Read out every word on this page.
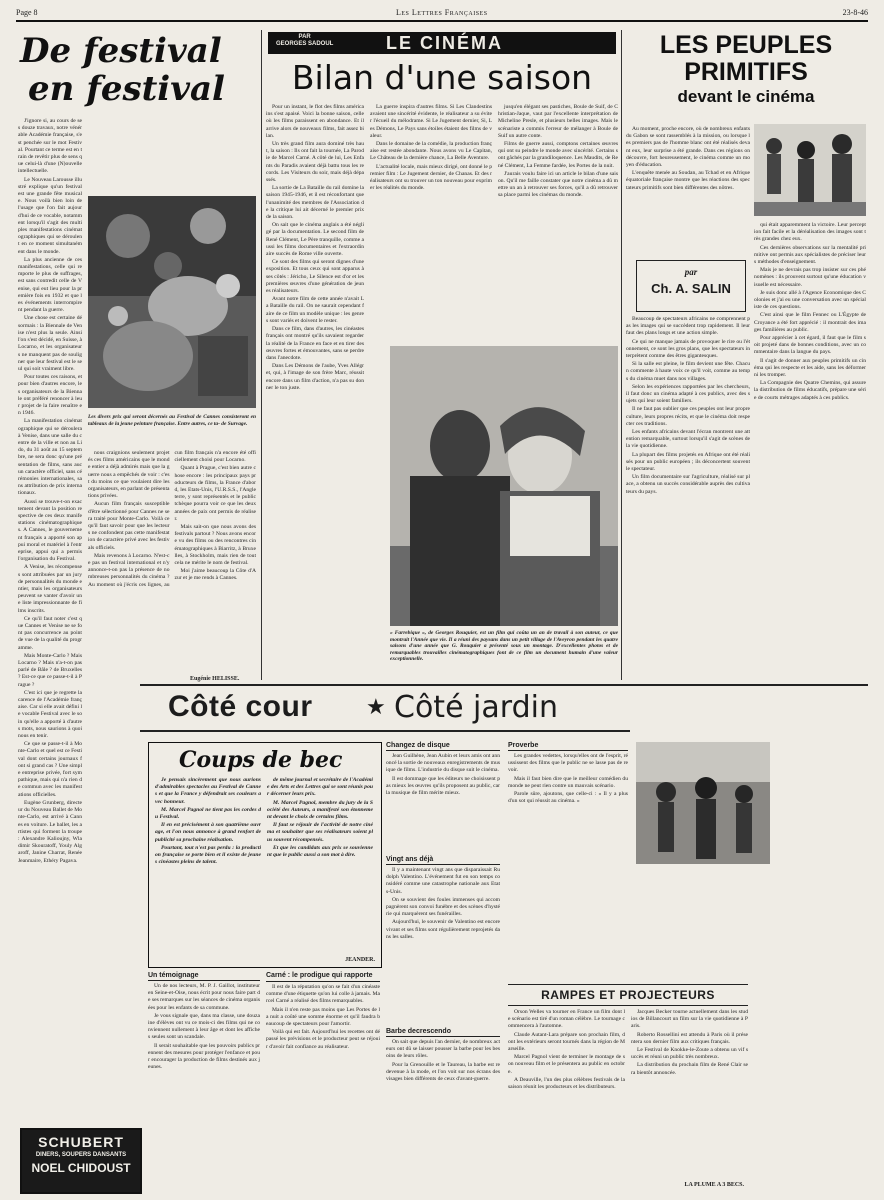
Page 8	Les Lettres Françaises	23-8-46
De festival
en festival

J'ignore si, au cours de ses douze travaux, notre vénérable Académie française, s'est penchée sur le mot Festival. Pourtant ce terme est en train de revêtir plus de sens que celui-là d'une (N)ouvelle intellectuelle.

Le Nouveau Larousse illustré explique qu'un festival est une grande fête musicale. Nous voilà bien loin de l'usage que l'on fait aujourd'hui de ce vocable, notamment lorsqu'il s'agit des multiples manifestations cinématographiques qui se déroulent en ce moment simultanément dans le monde.

La plus ancienne de ces manifestations, celle qui remporte le plus de suffrages, est sans contredit celle de Venise, qui eut lieu pour la première fois en 1932 et que les événements interrompirent pendant la guerre.

Une chose est certaine désormais : la Biennale de Venise n'est plus la seule. Ainsi l'on s'est décidé, en Suisse, à Locarno, et les organisateurs ne manquent pas de souligner que leur festival est le seul qui soit vraiment libre.

Pour toutes ces raisons, et pour bien d'autres encore, les organisateurs de la Biennale ont préféré renoncer à leur projet de la faire renaître en 1946.

La manifestation cinématographique qui se déroulera à Venise, dans une salle du centre de la ville et non au Lido, du 31 août au 15 septembre, ne sera donc qu'une présentation de films, sans aucun caractère officiel, sans cérémonies internationales, sans attribution de prix internationaux.

Aussi se trouve-t-on exactement devant la position respective de ces deux manifestations cinématographiques. A Cannes, le gouvernement français a apporté son appui moral et matériel à l'entreprise, appui qui a permis l'organisation du Festival.

A Venise, les récompenses sont attribuées par un jury de personnalités du monde entier, mais les organisateurs peuvent se vanter d'avoir une liste impressionnante de films inscrits.

Ce qu'il faut noter c'est que Cannes et Venise ne se font pas concurrence au point de vue de la qualité du programme.

Mais Monte-Carlo ? Mais Locarno ? Mais n'a-t-on pas parlé de Bâle ? de Bruxelles ? Est-ce que ce passe-t-il à Prague ?

C'est ici que je regrette la carence de l'Académie française. Car si elle avait défini le vocable Festival avec le soin qu'elle a apporté à d'autres mots, nous saurions à quoi nous en tenir.

Ce que se passe-t-il à Monte-Carlo et quel est ce Festival dont certains journaux font si grand cas ? Une simple entreprise privée, fort sympathique, mais qui n'a rien de commun avec les manifestations officielles.

Eugène Grunberg, directeur du Nouveau Ballet de Monte-Carlo, est arrivé à Cannes en voiture. Le ballet, les artistes qui forment la troupe : Alexandre Kalioujny, Wladimir Skouratoff, Youly Algaroff, Janine Charrat, Renée Jeanmaire, Ethéry Pagava.

Les divers prix qui seront décernés au Festival de Cannes consisteront en tableaux de la jeune peinture française. Entre autres, ce ta- de Survage.

nous craignions seulement projetés ces films américains que le monde entier a déjà admirés mais que la guerre nous a empêchés de voir : c'est du moins ce que voulaient dire les organisateurs, en parlant de présentations privées.

Aucun film français susceptible d'être sélectionné pour Cannes ne sera traité pour Monte-Carlo. Voilà ce qu'il faut savoir pour que les lecteurs ne confondent pas cette manifestation de caractère privé avec les festivals officiels.

Mais revenons à Locarno. N'est-ce pas un festival international et n'y annonce-t-on pas la présence de nombreuses personnalités du cinéma ? Au moment où j'écris ces lignes, aucun film français n'a encore été officiellement choisi pour Locarno.

Quant à Prague, c'est bien autre chose encore : les principaux pays producteurs de films, la France d'abord, les Etats-Unis, l'U.R.S.S., l'Angleterre, y sont représentés et le public tchèque pourra voir ce que les deux années de paix ont permis de réaliser.

Mais sait-on que nous avons des festivals partout ? Nous avons encore vu des films ou des rencontres cinématographiques à Biarritz, à Bruxelles, à Stockholm, mais rien de tout cela ne mérite le nom de festival.

Moi j'aime beaucoup la Côte d'Azur et je me rends à Cannes.

Eugénie HELISSE.
SCHUBERT
DINERS, SOUPERS DANSANTS
NOEL CHIDOUST
PAR
GEORGES SADOUL	LE CINÉMA
Bilan d'une saison

Pour un instant, le flot des films américains s'est apaisé. Voici la bonne saison, celle où les films paraissent en abondance. Et il arrive alors de nouveaux films, fait assez bilan.

Un très grand film aura dominé très haut, la saison : Ils ont fait la tournée, La Parodie de Marcel Carné. A côté de lui, Les Enfants du Paradis avaient déjà battu tous les records. Les Visiteurs du soir, mais déjà dépassés.

La sortie de La Bataille du rail domine la saison 1945-1946, et il est réconfortant que l'unanimité des membres de l'Association de la critique lui ait décerné le premier prix de la saison.

On sait que le cinéma anglais a été négligé par la documentation. Le second film de René Clément, Le Père tranquille, comme aussi les films documentaires et l'extraordinaire succès de Rome ville ouverte.

Ce sont des films qui seront dignes d'une exposition. Et tous ceux qui sont apparus à ses côtés : Jéricho, Le Silence est d'or et les premières œuvres d'une génération de jeunes réalisateurs.

Avant notre film de cette année n'avait La Bataille du rail. On ne saurait cependant faire de ce film un modèle unique : les genres sont variés et doivent le rester.

Dans ce film, dans d'autres, les cinéastes français ont montré qu'ils savaient regarder la réalité de la France en face et en tirer des œuvres fortes et émouvantes, sans se perdre dans l'anecdote.

Dans Les Démons de l'aube, Yves Allégret, qui, à l'image de son frère Marc, réussit encore dans un film d'action, n'a pas su donner le ton juste.

La guerre inspira d'autres films. Si Les Clandestins avaient une sincérité évidente, le réalisateur a su éviter l'écueil du mélodrame. Si Le Jugement dernier, Si, Les Démons, Le Pays sans étoiles étaient des films de valeur.

Dans le domaine de la comédie, la production française est restée abondante. Nous avons vu Le Capitan, Le Château de la dernière chance, La Belle Aventure.

L'actualité locale, mais mieux dirigé, ont donné le premier film : Le Jugement dernier, de Chanas. Et des réalisateurs ont su trouver un ton nouveau pour exprimer les réalités du monde.

jusqu'en élégant ses pastiches, Boule de Suif, de Christian-Jaque, vaut par l'excellente interprétation de Micheline Presle, et plusieurs belles images. Mais le scénariste a commis l'erreur de mélanger à Boule de Suif un autre conte.

Films de guerre aussi, comptons certaines œuvres qui ont su peindre le monde avec sincérité. Certains sont gâchés par la grandiloquence. Les Maudits, de René Clément, La Femme fardée, les Portes de la nuit.

J'aurais voulu faire ici un article le bilan d'une saison. Qu'il me faille constater que notre cinéma a dû mettre un an à retrouver ses forces, qu'il a dû retrouver sa place parmi les cinémas du monde.

« Farrebique », de Georges Rouquier, est un film qui coûta un an de travail à son auteur, ce que montrait l'Année que vie. Il a réuni des paysans dans un petit village de l'Aveyron pendant les quatre saisons d'une année que G. Rouquier a présenté sous un montage. D'excellentes photos et de remarquables trouvailles cinématographiques font de ce film un document humain d'une valeur exceptionnelle.
LES PEUPLES
PRIMITIFS
devant le cinéma

Au moment, proche encore, où de nombreux enfants du Gabon se sont rassemblés à la mission, ou lorsque les premiers pas de l'homme blanc ont été réalisés devant eux, leur surprise a été grande. Dans ces régions on découvre, fort heureusement, le cinéma comme un moyen d'éducation.

L'enquête menée au Soudan, au Tchad et en Afrique équatoriale française montre que les réactions des spectateurs primitifs sont bien différentes des nôtres.

par
Ch. A. SALIN

Beaucoup de spectateurs africains ne comprennent pas les images qui se succèdent trop rapidement. Il leur faut des plans longs et une action simple.

Ce qui ne manque jamais de provoquer le rire ou l'étonnement, ce sont les gros plans, que les spectateurs interprètent comme des êtres gigantesques.

Si la salle est pleine, le film devient une fête. Chacun commente à haute voix ce qu'il voit, comme au temps du cinéma muet dans nos villages.

Selon les expériences rapportées par les chercheurs, il faut donc un cinéma adapté à ces publics, avec des sujets qui leur soient familiers.

Il ne faut pas oublier que ces peuples ont leur propre culture, leurs propres récits, et que le cinéma doit respecter ces traditions.

Les enfants africains devant l'écran montrent une attention remarquable, surtout lorsqu'il s'agit de scènes de la vie quotidienne.

La plupart des films projetés en Afrique ont été réalisés pour un public européen ; ils déconcertent souvent le spectateur.

Un film documentaire sur l'agriculture, réalisé sur place, a obtenu un succès considérable auprès des cultivateurs du pays.

qui était apparemment la victoire. Leur perception fait facile et la déréalisation des images sont très grandes chez eux.

Ces dernières observations sur la mentalité primitive ont permis aux spécialistes de préciser leurs méthodes d'enseignement.

Mais je ne devrais pas trop insister sur ces phénomènes : ils prouvent surtout qu'une éducation visuelle est nécessaire.

Je suis donc allé à l'Agence Economique des Colonies et j'ai eu une conversation avec un spécialiste de ces questions.

C'est ainsi que le film Fennec ou L'Égypte de Croyance a été fort apprécié : il montrait des images familières au public.

Pour apprécier à cet égard, il faut que le film soit projeté dans de bonnes conditions, avec un commentaire dans la langue du pays.

Il s'agit de donner aux peuples primitifs un cinéma qui les respecte et les aide, sans les déformer ni les tromper.

La Compagnie des Quatre Chemins, qui assure la distribution de films éducatifs, prépare une série de courts métrages adaptés à ces publics.

Côté cour ★ Côté jardin
Coups de bec

Je pensais sincèrement que nous aurions d'admirables spectacles au Festival de Cannes et que la France y défendrait ses couleurs avec honneur.

M. Marcel Pagnol ne tient pas les cordes du Festival.

Il en est précisément à son quatrième ouvrage, et l'on nous annonce à grand renfort de publicité sa prochaine réalisation.

Pourtant, tout n'est pas perdu : la production française se porte bien et il existe de jeunes cinéastes pleins de talent.

de même journal et secrétaire de l'Académie des Arts et des Lettres qui se sont réunis pour décerner leurs prix.

M. Marcel Pagnol, membre du jury de la Société des Auteurs, a manifesté son étonnement devant le choix de certains films.

Il faut se réjouir de l'activité de notre cinéma et souhaiter que ses réalisateurs soient plus souvent récompensés.

Et que les candidats aux prix se souviennent que le public aussi a son mot à dire.

JEANDER.
Un témoignage

Un de nos lecteurs, M. P. J. Gaillot, instituteur en Seine-et-Oise, nous écrit pour nous faire part de ses remarques sur les séances de cinéma organisées pour les enfants de sa commune.

Je vous signale que, dans ma classe, une douzaine d'élèves ont vu ce mois-ci des films qui ne conviennent nullement à leur âge et dont les affiches seules sont un scandale.

Il serait souhaitable que les pouvoirs publics prennent des mesures pour protéger l'enfance et pour encourager la production de films destinés aux jeunes.

Carné : le prodigue qui rapporte

Il est de la réputation qu'on se fait d'un cinéaste comme d'une étiquette qu'on lui colle à jamais. Marcel Carné a réalisé des films remarquables.

Mais il n'en reste pas moins que Les Portes de la nuit a coûté une somme énorme et qu'il faudra beaucoup de spectateurs pour l'amortir.

Voilà qui est fait. Aujourd'hui les recettes ont dépassé les prévisions et le producteur peut se réjouir d'avoir fait confiance au réalisateur.

Changez de disque

Jean Guilhène, Jean Aubin et leurs amis ont annoncé la sortie de nouveaux enregistrements de musique de films. L'industrie du disque suit le cinéma.

Il est dommage que les éditeurs ne choisissent pas mieux les œuvres qu'ils proposent au public, car la musique de film mérite mieux.

Vingt ans déjà

Il y a maintenant vingt ans que disparaissait Rudolph Valentino. L'événement fut en son temps considéré comme une catastrophe nationale aux Etats-Unis.

On se souvient des foules immenses qui accompagnèrent son convoi funèbre et des scènes d'hystérie qui marquèrent ses funérailles.

Aujourd'hui, le souvenir de Valentino est encore vivant et ses films sont régulièrement reprojetés dans les salles.

Barbe decrescendo

On sait que depuis l'an dernier, de nombreux acteurs ont dû se laisser pousser la barbe pour les besoins de leurs rôles.

Pour la Grenouille et le Taureau, la barbe est redevenue à la mode, et l'on voit sur nos écrans des visages bien différents de ceux d'avant-guerre.

Proverbe

Les grandes vedettes, lorsqu'elles ont de l'esprit, réussissent des films que le public ne se lasse pas de revoir.

Mais il faut bien dire que le meilleur comédien du monde ne peut rien contre un mauvais scénario.

Parole sûre, ajoutons, que celle-ci : « Il y a plus d'un sot qui réussit au cinéma. »

RAMPES ET PROJECTEURS

Orson Welles va tourner en France un film dont le scénario est tiré d'un roman célèbre. Le tournage commencera à l'automne.

Claude Autant-Lara prépare son prochain film, dont les extérieurs seront tournés dans la région de Marseille.

Marcel Pagnol vient de terminer le montage de son nouveau film et le présentera au public en octobre.

A Deauville, l'un des plus célèbres festivals de la saison réunit les producteurs et les distributeurs.

Jacques Becker tourne actuellement dans les studios de Billancourt un film sur la vie quotidienne à Paris.

Roberto Rossellini est attendu à Paris où il présentera son dernier film aux critiques français.

Le Festival de Knokke-le-Zoute a obtenu un vif succès et réuni un public très nombreux.

La distribution du prochain film de René Clair sera bientôt annoncée.

LA PLUME A 3 BECS.
